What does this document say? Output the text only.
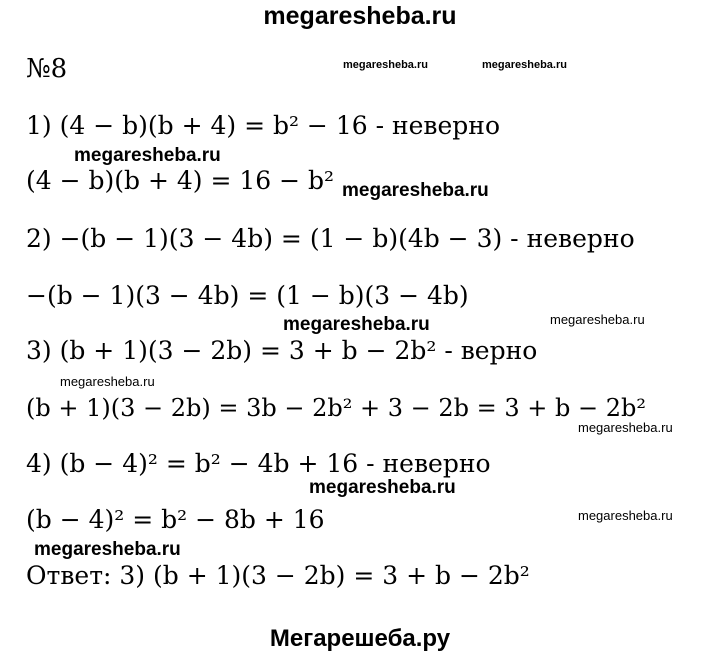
megaresheba.ru
№8	megaresheba.ru	megaresheba.ru
1) (4 − b)(b + 4) = b² − 16 - неверно
megaresheba.ru
(4 − b)(b + 4) = 16 − b² megaresheba.ru
2) −(b − 1)(3 − 4b) = (1 − b)(4b − 3) - неверно
−(b − 1)(3 − 4b) = (1 − b)(3 − 4b)
megaresheba.ru	megaresheba.ru
3) (b + 1)(3 − 2b) = 3 + b − 2b² - верно
megaresheba.ru
(b + 1)(3 − 2b) = 3b − 2b² + 3 − 2b = 3 + b − 2b²
megaresheba.ru
4) (b − 4)² = b² − 4b + 16 - неверно
megaresheba.ru
(b − 4)² = b² − 8b + 16	megaresheba.ru
megaresheba.ru
Ответ: 3) (b + 1)(3 − 2b) = 3 + b − 2b²
Мегарешеба.ру
